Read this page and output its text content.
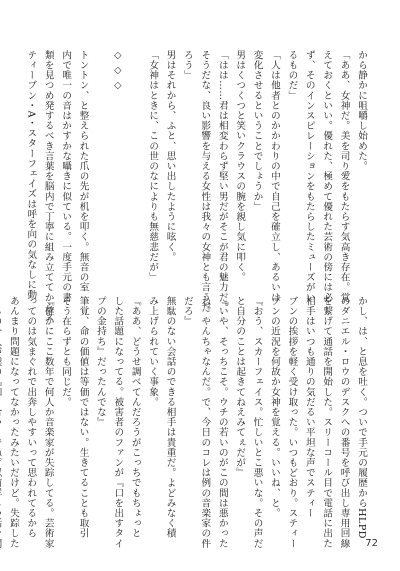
から静かに咀嚼し始めた。
「ああ、女神だ。美を司り愛をもたらす気高き存在。覚
えておくといい。優れた、極めて優れた芸術の傍には必
ず、そのインスピレーションをもたらしたミューズがい
るものだ」
「人は他者とのかかわりの中で自己を確立し、あるいは
変化させるということでしょうか」
男はくつくつと笑いクラウスの腕を親し気に叩く。
「はは……君は相変わらず堅い男だがそこが君の魅力だ。
そうだな、良い影響を与える女性は我々の女神とも言うだ
ろう」
男はそれから、ふと、思い出したように呟く。
「女神はときに、この世のなによりも無慈悲だが」
◇ ◇ ◇
トントン、と整えられた爪の先が机を叩く。無音の室
内で唯一の音はかすかな囁きに似ている。一度手元の書
類を見つめ発するべき言葉を脳内で丁寧に組み立ててからス
ティーブン・A・スターフェイズは呼を向の気なしに動
かし、は、と息を吐く。ついで手元の履歴からHLPD
のダニエル・ロウのデスクへの番号を呼び出し専用回線
を繋げて通話を開始した。スリーコール目で電話に出た
相手はいつも通りの気だるい平坦な声でスティー
ブンの挨拶を軽く受け取った。いつもどおり。スティー
ブンの近況を何故か女神を覚える。いいね、と。
『おう、スカーフェイス。忙しいとこ悪いな。その声だ
と自分のことは起きてねえみてぇだが』
『いや、そっちこそ。ウチの若いのがこの間は悪かった
ね。やんちゃなんだ。で、今日のコレは例の音楽家の件
だろ』
無駄のない会話のできる相手は貴重だ。よどみなく積
み上げられていく事象。
『ああ、どうせ調べてんだろうがこっちでもちょっと
した話題になってる。被害者のファンが『口を出すタイ
プの金持ち』だったんでな』
筆覚、命の価値は等価ではない。生きてることも取引
そう在らずとも同じだ。
『確かにここ数年で何人か音楽家が失踪してる。芸術家
ってのは気まぐれで出奔しやすいって思われてるから
あんまり問題になってなかったみたいだけど。失踪した	72
